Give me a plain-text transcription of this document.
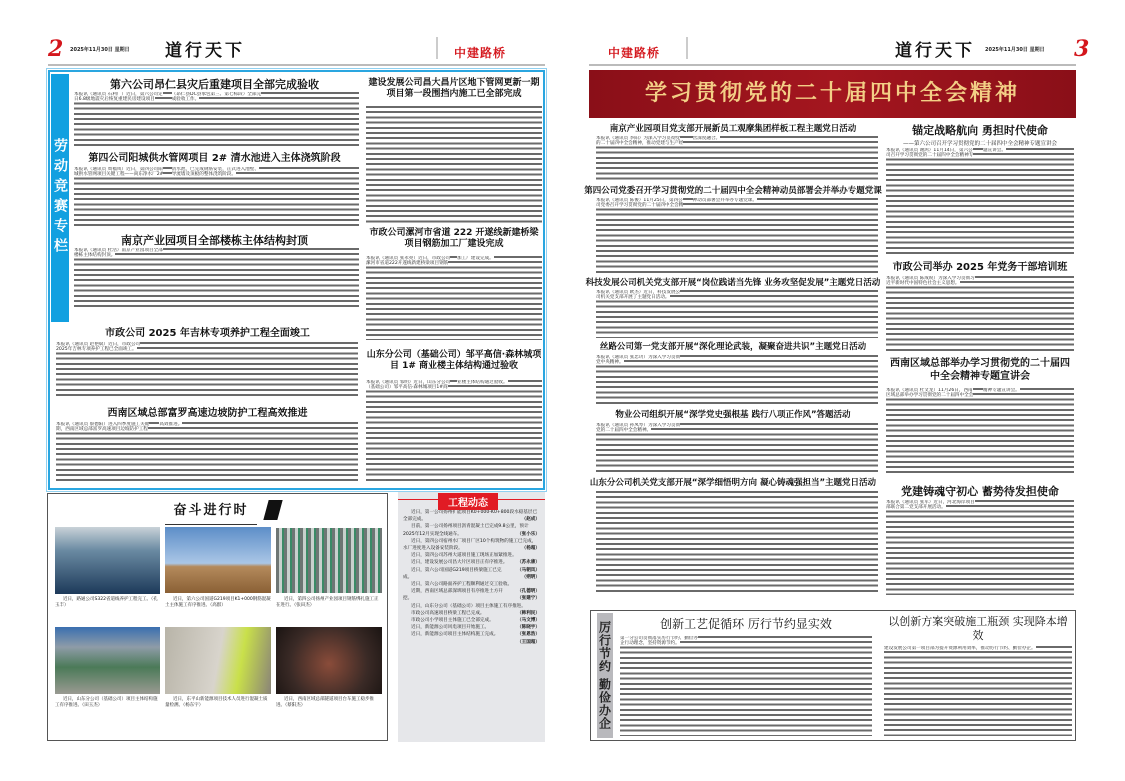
2 2025年11月30日 星期日 道行天下	中建路桥
劳动竞赛专栏
第六公司昂仁县灾后重建项目全部完成验收
本报讯（通讯员 石利广）近日，第六公司定日6.8级地震灾后恢复重建民房建设项目（昂仁县DC县承包第三、第七标段）全部完成验收工作。
第四公司阳城供水管网项目 2# 清水池进入主体浇筑阶段
本报讯（通讯员 周福凤）近日，第四公司阳城供水管网项目关键工程——尚东净水厂2#清水池，已完成钢筋安装，正式进入池壁、导流墙及顶板的整体浇筑阶段。
南京产业园项目全部楼栋主体结构封顶
本报讯（通讯员 杜浩）南京产业园项目全部楼栋主体结构封顶。
市政公司 2025 年吉林专项养护工程全面竣工
本报讯（通讯员 赵艳斌）近日，市政公司2025年吉林专项养护工程已全面竣工。
西南区域总部富罗高速边坡防护工程高效推进
本报讯（通讯员 蔡德阳）进入四季度施工关键期，西南区域总部富罗高速项目边坡防护工程高效推进。
建设发展公司昌大昌片区地下管网更新一期项目第一段围挡内施工已全部完成
市政公司漯河市省道 222 开遂线新建桥梁项目钢筋加工厂建设完成
本报讯（通讯员 张永亮）近日，市政公司漯河市省道222开遂线新建桥梁项目钢筋加工厂建设完成。
山东分公司（基础公司）邹平高信·森林城项目 1# 商业楼主体结构通过验收
本报讯（通讯员 邹明）近日，山东分公司（基础公司）邹平高信·森林城项目1#商业楼主体结构通过验收。
奋斗进行时
近日，路通公司S322省道线养护工程完工。（孔玉丰）
近日，第六公司国道G219项目K1+000钢筋混凝土主体施工有序推进。（高群）
近日，第四公司扬州产业园项目钢筋绑扎施工正在进行。（张田杰）
近日，山东分公司（基础公司）项目主体结构施工有序推进。（田玉杰）
近日，东平山新能源项目技术人员进行混凝土质量检测。（杨东宇）
近日，西南区域总部隧道项目台车施工稳步推进。（蔡阳杰）
工程动态

近日，第一公司扬州扩能项目K0+000-K0+800段水稳基层已全部完成。	（赵成）

目前，第一公司扬州项目沥青混凝土已完成9.8公里，预计2025年12月实现全线通车。	（张小乐）

近日，第四公司宿州水厂项目厂区10个构筑物的施工已完成，水厂进度进入设备安装阶段。	（杨超）

近日，第四公司苏州大道项目施工现场正加紧推进。
（苏永康）

近日，建设发展公司昌大片区项目正有序推进。
（马朝凤）

近日，第六公司国道G219项目桥梁施工已完成。	（朔明）

近日，第六公司路面养护工程顺利通过交工验收。
（孔德明）

近期，西南区域总部深圳项目有序推进土方开挖。	（张建宁）

近日，山东分公司（基础公司）项目主体施工有序推进。
（韩利民）

市政公司高速项目桥梁工程已完成。
（马文博）

市政公司小学项目主体施工已全部完成。
（陈晓宇）

近日，新能源公司风电项目开始施工。
（张恩浩）

近日，新能源公司项目主体结构施工完成。
（王国超）

中建路桥	道行天下 2025年11月30日 星期日 3
学习贯彻党的二十届四中全会精神
南京产业园项目党支部开展新员工观摩集团样板工程主题党日活动
本报讯（通讯员 李阳）为深入学习贯彻党的二十届四中全会精神，推动党建与生产经营深度融合。
第四公司党委召开学习贯彻党的二十届四中全会精神动员部署会并举办专题党课
本报讯（通讯员 陈俊）11月25日，第四公司党委召开学习贯彻党的二十届四中全会精神动员部署会并举办专题党课。
科技发展公司机关党支部开展“岗位践诺当先锋 业务攻坚促发展”主题党日活动
本报讯（通讯员 欧杰）近日，科技发展公司机关党支部开展了主题党日活动。
丝路公司第一党支部开展“深化理论武装，凝聚奋进共识”主题党日活动
本报讯（通讯员 张忠功）为深入学习贯彻党中央精神。
物业公司组织开展“深学党史强根基 践行八项正作风”答题活动
本报讯（通讯员 孙凤琴）为深入学习贯彻党的二十届四中全会精神。
山东分公司机关党支部开展“深学细悟明方向 凝心铸魂强担当”主题党日活动
锚定战略航向 勇担时代使命
——第六公司召开学习贯彻党的二十届四中全会精神专题宣讲会
本报讯（通讯员 谢鸿）11月14日，第六公司召开学习贯彻党的二十届四中全会精神专题宣讲会。
市政公司举办 2025 年党务干部培训班
本报讯（通讯员 陈成锐）为深入学习贯彻习近平新时代中国特色社会主义思想。
西南区域总部举办学习贯彻党的二十届四中全会精神专题宣讲会
本报讯（通讯员 杜文龙）11月26日，西南区域总部举办学习贯彻党的二十届四中全会精神专题宣讲会。
党建铸魂守初心 蓄势待发担使命
本报讯（通讯员 张军）近日，河北海岸项目部联合第二党支部开展活动。
厉行节约 勤俭办企	创新工艺促循环 厉行节约显实效
第一分公司贯彻落实厉行节约、勤俭办企行动理念，坚持资源节约。
以创新方案突破施工瓶颈 实现降本增效
建设发展公司第一项目部为提升资源利用效率，推动厉行节约、勤俭办企。
